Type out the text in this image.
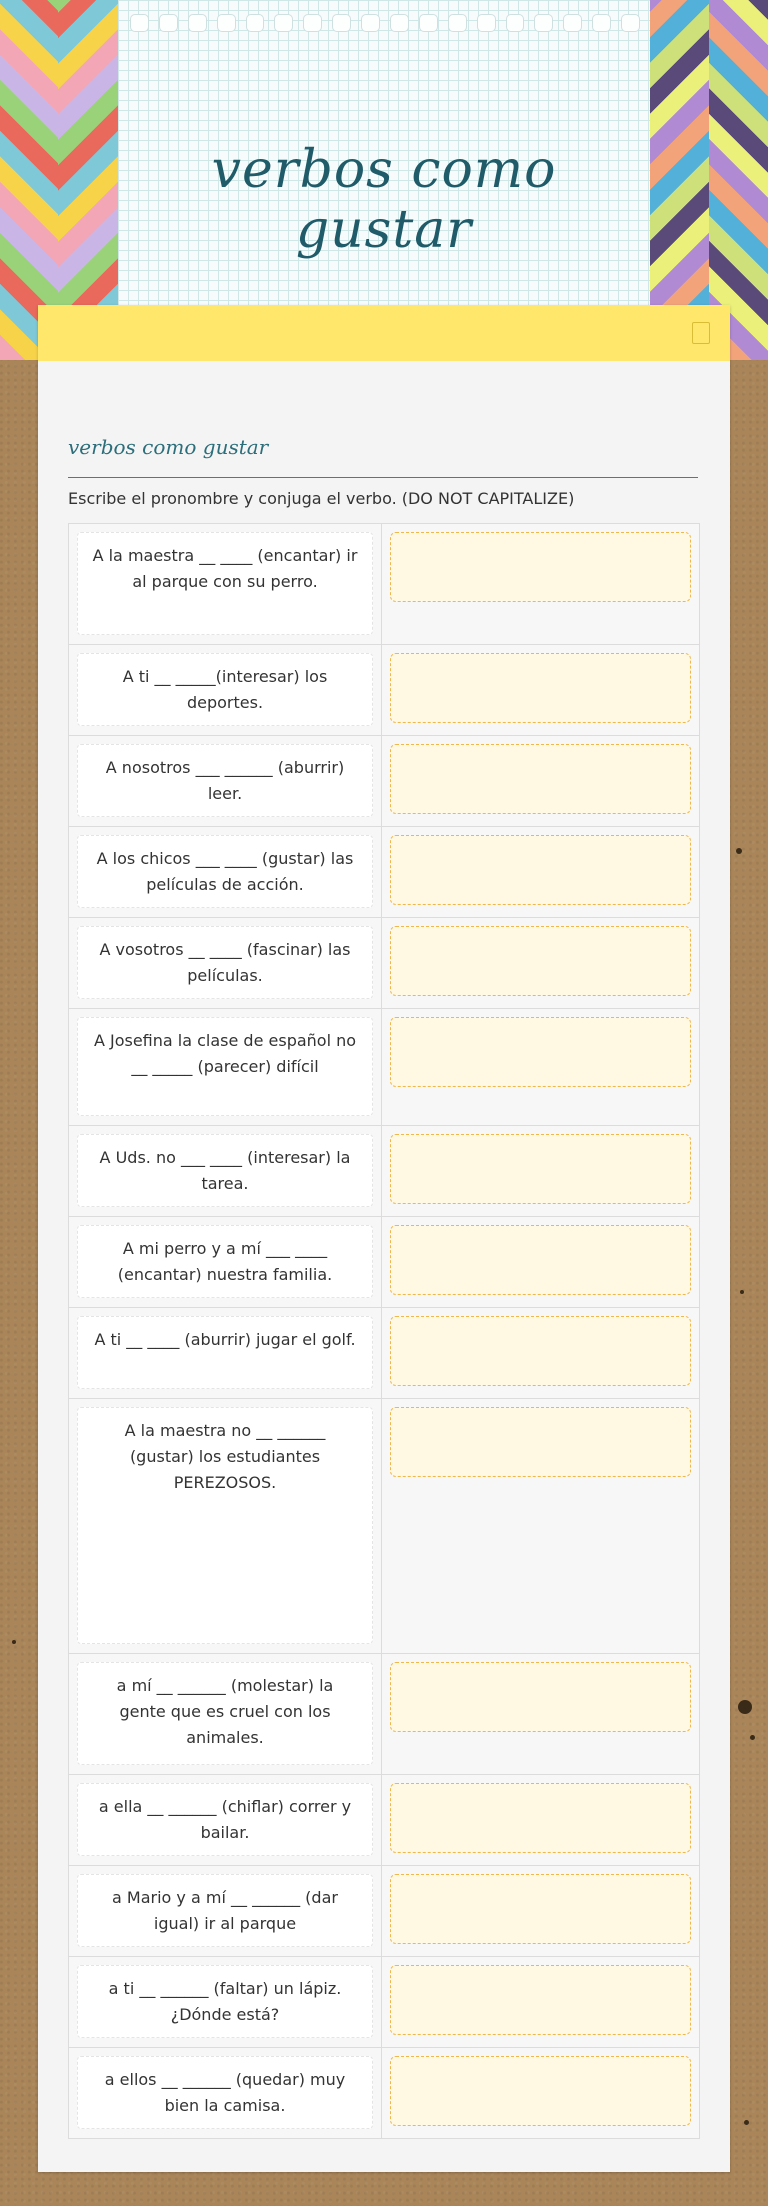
verbos como gustar
verbos como gustar
Escribe el pronombre y conjuga el verbo. (DO NOT CAPITALIZE)
A la maestra __ ____ (encantar) ir al parque con su perro.
A ti __ _____(interesar) los deportes.
A nosotros ___ ______ (aburrir) leer.
A los chicos ___ ____ (gustar) las películas de acción.
A vosotros __ ____ (fascinar) las películas.
A Josefina la clase de español no __ _____ (parecer) difícil
A Uds. no ___ ____ (interesar) la tarea.
A mi perro y a mí ___ ____ (encantar) nuestra familia.
A ti __ ____ (aburrir) jugar el golf.
A la maestra no __ ______ (gustar) los estudiantes PEREZOSOS.
a mí __ ______ (molestar) la gente que es cruel con los animales.
a ella __ ______ (chiflar) correr y bailar.
a Mario y a mí __ ______ (dar igual) ir al parque
a ti __ ______ (faltar) un lápiz. ¿Dónde está?
a ellos __ ______ (quedar) muy bien la camisa.
